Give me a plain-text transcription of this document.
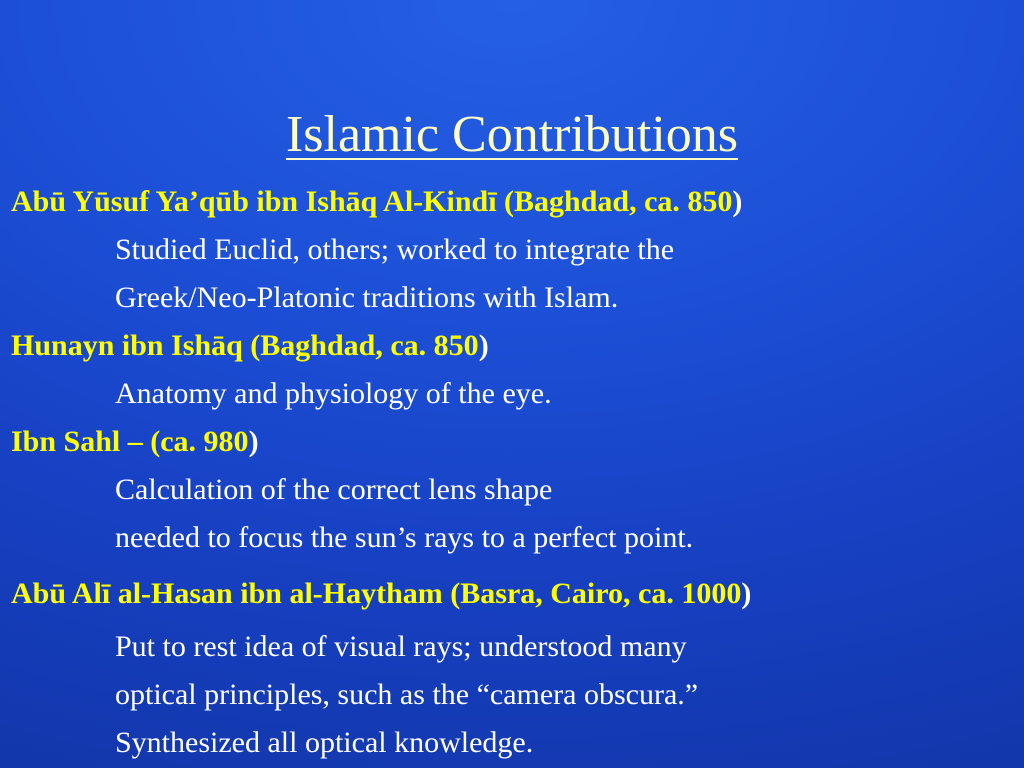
Islamic Contributions
Abū Yūsuf Ya’qūb ibn Ishāq Al-Kindī (Baghdad, ca. 850)
Studied Euclid, others; worked to integrate the
Greek/Neo-Platonic traditions with Islam.
Hunayn ibn Ishāq (Baghdad, ca. 850)
Anatomy and physiology of the eye.
Ibn Sahl – (ca. 980)
Calculation of the correct lens shape
needed to focus the sun’s rays to a perfect point.
Abū Alī al-Hasan ibn al-Haytham (Basra, Cairo, ca. 1000)
Put to rest idea of visual rays; understood many
optical principles, such as the “camera obscura.”
Synthesized all optical knowledge.
